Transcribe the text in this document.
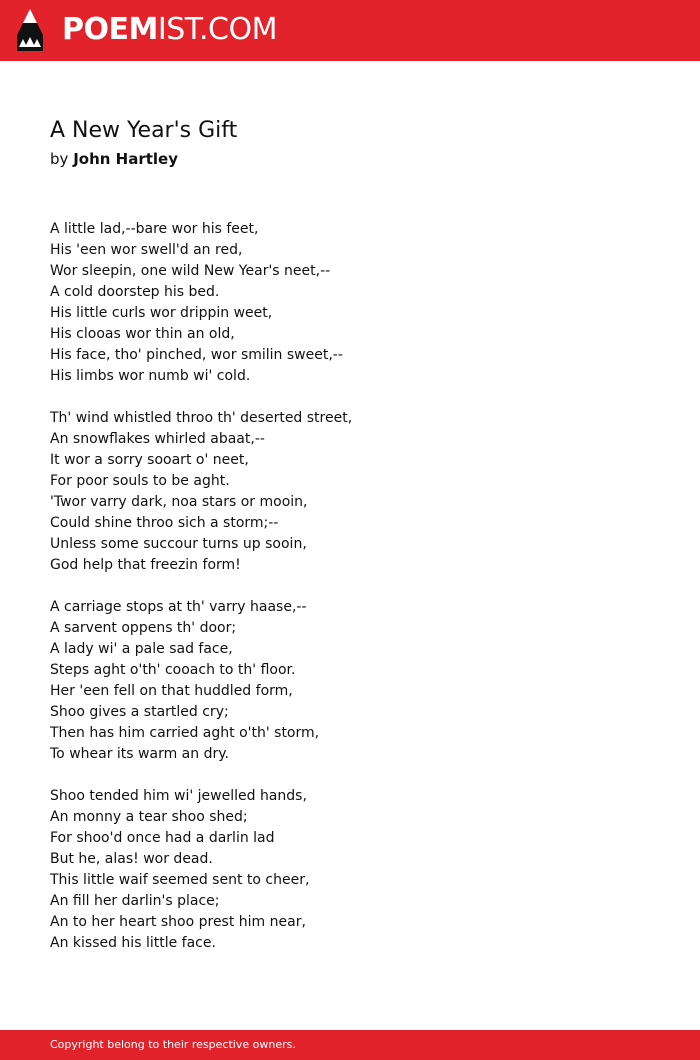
POEMIST.COM
A New Year's Gift
by John Hartley
A little lad,--bare wor his feet,
His 'een wor swell'd an red,
Wor sleepin, one wild New Year's neet,--
A cold doorstep his bed.
His little curls wor drippin weet,
His clooas wor thin an old,
His face, tho' pinched, wor smilin sweet,--
His limbs wor numb wi' cold.
Th' wind whistled throo th' deserted street,
An snowflakes whirled abaat,--
It wor a sorry sooart o' neet,
For poor souls to be aght.
'Twor varry dark, noa stars or mooin,
Could shine throo sich a storm;--
Unless some succour turns up sooin,
God help that freezin form!
A carriage stops at th' varry haase,--
A sarvent oppens th' door;
A lady wi' a pale sad face,
Steps aght o'th' cooach to th' floor.
Her 'een fell on that huddled form,
Shoo gives a startled cry;
Then has him carried aght o'th' storm,
To whear its warm an dry.
Shoo tended him wi' jewelled hands,
An monny a tear shoo shed;
For shoo'd once had a darlin lad
But he, alas! wor dead.
This little waif seemed sent to cheer,
An fill her darlin's place;
An to her heart shoo prest him near,
An kissed his little face.
Copyright belong to their respective owners.
